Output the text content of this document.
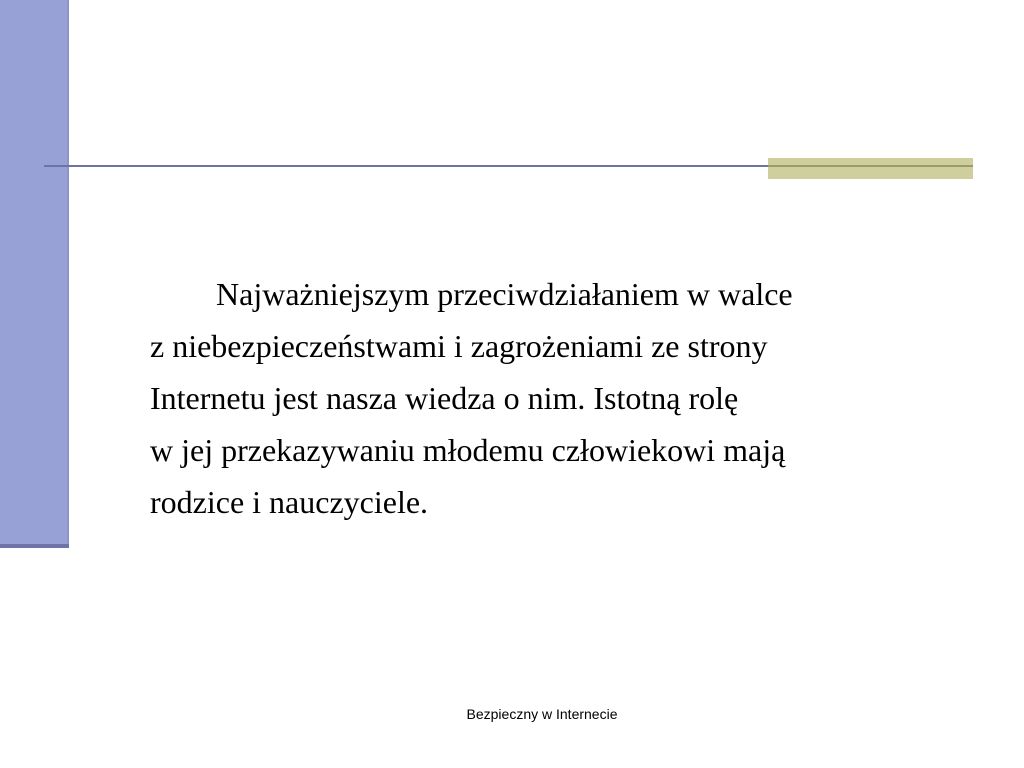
Najważniejszym przeciwdziałaniem w walce
z niebezpieczeństwami i zagrożeniami ze strony
Internetu jest nasza wiedza o nim. Istotną rolę
w jej przekazywaniu młodemu człowiekowi mają
rodzice i nauczyciele.
Bezpieczny w Internecie
